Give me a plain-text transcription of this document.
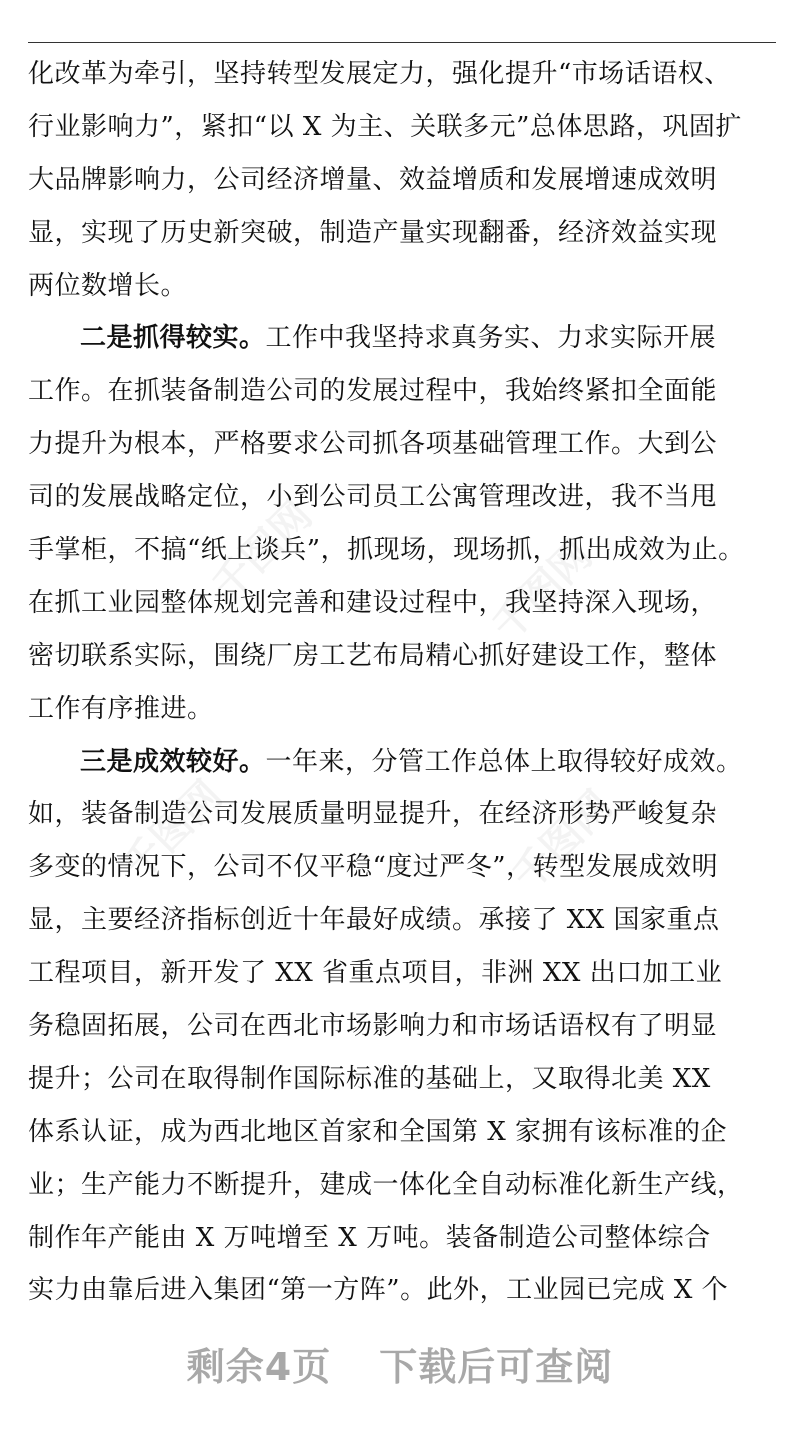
千图网	千图网
千图网	千图网
化改革为牵引，坚持转型发展定力，强化提升“市场话语权、
行业影响力”，紧扣“以 X 为主、关联多元”总体思路，巩固扩
大品牌影响力，公司经济增量、效益增质和发展增速成效明
显，实现了历史新突破，制造产量实现翻番，经济效益实现
两位数增长。
二是抓得较实。工作中我坚持求真务实、力求实际开展
工作。在抓装备制造公司的发展过程中，我始终紧扣全面能
力提升为根本，严格要求公司抓各项基础管理工作。大到公
司的发展战略定位，小到公司员工公寓管理改进，我不当甩
手掌柜，不搞“纸上谈兵”，抓现场，现场抓，抓出成效为止。
在抓工业园整体规划完善和建设过程中，我坚持深入现场，
密切联系实际，围绕厂房工艺布局精心抓好建设工作，整体
工作有序推进。
三是成效较好。一年来，分管工作总体上取得较好成效。
如，装备制造公司发展质量明显提升，在经济形势严峻复杂
多变的情况下，公司不仅平稳“度过严冬”，转型发展成效明
显，主要经济指标创近十年最好成绩。承接了 XX 国家重点
工程项目，新开发了 XX 省重点项目，非洲 XX 出口加工业
务稳固拓展，公司在西北市场影响力和市场话语权有了明显
提升；公司在取得制作国际标准的基础上，又取得北美 XX
体系认证，成为西北地区首家和全国第 X 家拥有该标准的企
业；生产能力不断提升，建成一体化全自动标准化新生产线，
制作年产能由 X 万吨增至 X 万吨。装备制造公司整体综合
实力由靠后进入集团“第一方阵”。此外，工业园已完成 X 个
剩余4页 下载后可查阅
